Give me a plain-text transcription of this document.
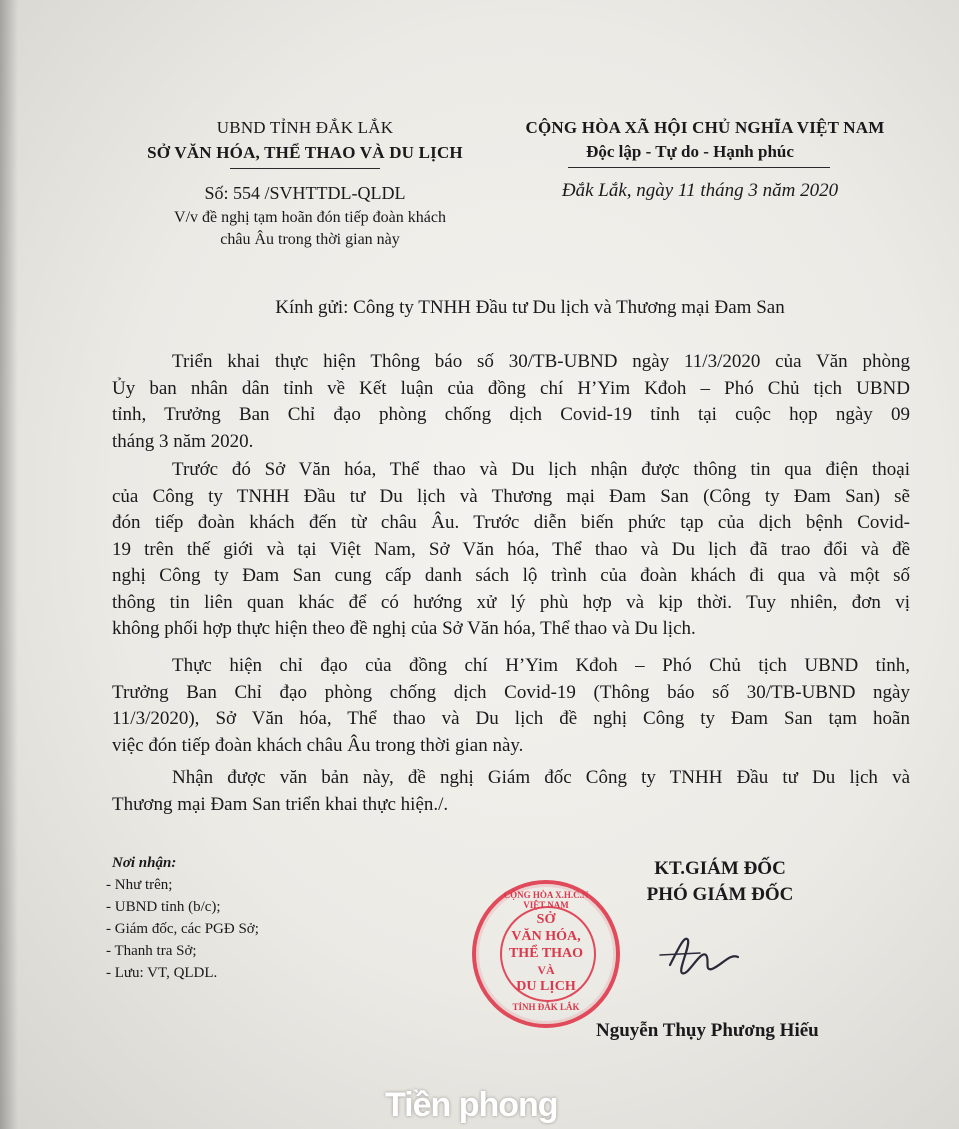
UBND TỈNH ĐẮK LẮK
SỞ VĂN HÓA, THỂ THAO VÀ DU LỊCH
Số: 554 /SVHTTDL-QLDL
V/v đề nghị tạm hoãn đón tiếp đoàn khách
châu Âu trong thời gian này
CỘNG HÒA XÃ HỘI CHỦ NGHĨA VIỆT NAM
Độc lập - Tự do - Hạnh phúc
Đắk Lắk, ngày 11 tháng 3 năm 2020
Kính gửi: Công ty TNHH Đầu tư Du lịch và Thương mại Đam San
Triển khai thực hiện Thông báo số 30/TB-UBND ngày 11/3/2020 của Văn phòng
Ủy ban nhân dân tỉnh về Kết luận của đồng chí H’Yim Kđoh – Phó Chủ tịch UBND
tỉnh, Trưởng Ban Chỉ đạo phòng chống dịch Covid-19 tỉnh tại cuộc họp ngày 09
tháng 3 năm 2020.
Trước đó Sở Văn hóa, Thể thao và Du lịch nhận được thông tin qua điện thoại
của Công ty TNHH Đầu tư Du lịch và Thương mại Đam San (Công ty Đam San) sẽ
đón tiếp đoàn khách đến từ châu Âu. Trước diễn biến phức tạp của dịch bệnh Covid-
19 trên thế giới và tại Việt Nam, Sở Văn hóa, Thể thao và Du lịch đã trao đổi và đề
nghị Công ty Đam San cung cấp danh sách lộ trình của đoàn khách đi qua và một số
thông tin liên quan khác để có hướng xử lý phù hợp và kịp thời. Tuy nhiên, đơn vị
không phối hợp thực hiện theo đề nghị của Sở Văn hóa, Thể thao và Du lịch.
Thực hiện chỉ đạo của đồng chí H’Yim Kđoh – Phó Chủ tịch UBND tỉnh,
Trưởng Ban Chỉ đạo phòng chống dịch Covid-19 (Thông báo số 30/TB-UBND ngày
11/3/2020), Sở Văn hóa, Thể thao và Du lịch đề nghị Công ty Đam San tạm hoãn
việc đón tiếp đoàn khách châu Âu trong thời gian này.
Nhận được văn bản này, đề nghị Giám đốc Công ty TNHH Đầu tư Du lịch và
Thương mại Đam San triển khai thực hiện./.
Nơi nhận:
- Như trên;
- UBND tỉnh (b/c);
- Giám đốc, các PGĐ Sở;
- Thanh tra Sở;
- Lưu: VT, QLDL.
KT.GIÁM ĐỐC
PHÓ GIÁM ĐỐC
CỘNG HÒA X.H.C.N VIỆT NAM
SỞ
VĂN HÓA,
THỂ THAO
VÀ
DU LỊCH
TỈNH ĐẮK LẮK
Nguyễn Thụy Phương Hiếu
Tiền phong
